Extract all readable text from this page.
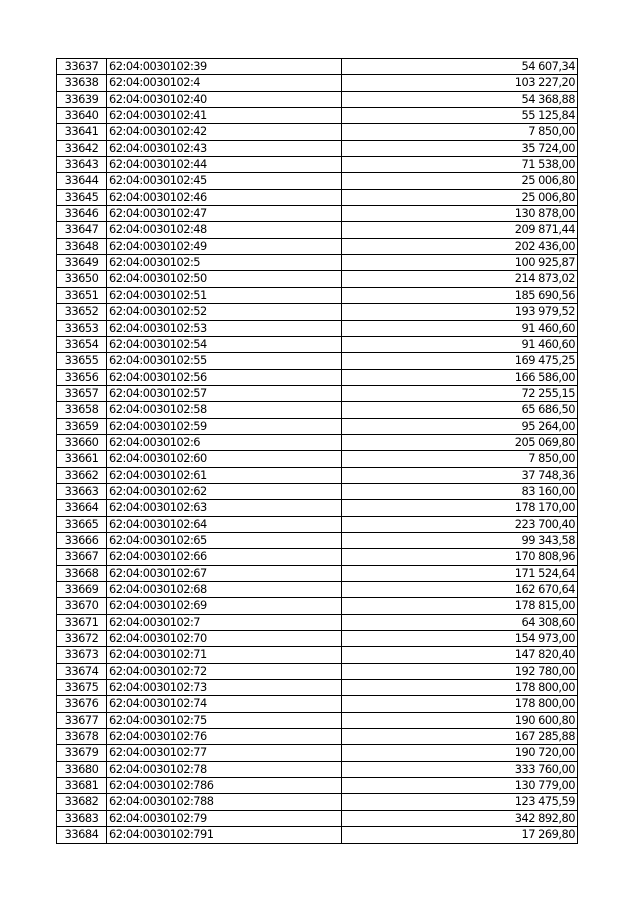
33637	62:04:0030102:39	54 607,34
33638	62:04:0030102:4	103 227,20
33639	62:04:0030102:40	54 368,88
33640	62:04:0030102:41	55 125,84
33641	62:04:0030102:42	7 850,00
33642	62:04:0030102:43	35 724,00
33643	62:04:0030102:44	71 538,00
33644	62:04:0030102:45	25 006,80
33645	62:04:0030102:46	25 006,80
33646	62:04:0030102:47	130 878,00
33647	62:04:0030102:48	209 871,44
33648	62:04:0030102:49	202 436,00
33649	62:04:0030102:5	100 925,87
33650	62:04:0030102:50	214 873,02
33651	62:04:0030102:51	185 690,56
33652	62:04:0030102:52	193 979,52
33653	62:04:0030102:53	91 460,60
33654	62:04:0030102:54	91 460,60
33655	62:04:0030102:55	169 475,25
33656	62:04:0030102:56	166 586,00
33657	62:04:0030102:57	72 255,15
33658	62:04:0030102:58	65 686,50
33659	62:04:0030102:59	95 264,00
33660	62:04:0030102:6	205 069,80
33661	62:04:0030102:60	7 850,00
33662	62:04:0030102:61	37 748,36
33663	62:04:0030102:62	83 160,00
33664	62:04:0030102:63	178 170,00
33665	62:04:0030102:64	223 700,40
33666	62:04:0030102:65	99 343,58
33667	62:04:0030102:66	170 808,96
33668	62:04:0030102:67	171 524,64
33669	62:04:0030102:68	162 670,64
33670	62:04:0030102:69	178 815,00
33671	62:04:0030102:7	64 308,60
33672	62:04:0030102:70	154 973,00
33673	62:04:0030102:71	147 820,40
33674	62:04:0030102:72	192 780,00
33675	62:04:0030102:73	178 800,00
33676	62:04:0030102:74	178 800,00
33677	62:04:0030102:75	190 600,80
33678	62:04:0030102:76	167 285,88
33679	62:04:0030102:77	190 720,00
33680	62:04:0030102:78	333 760,00
33681	62:04:0030102:786	130 779,00
33682	62:04:0030102:788	123 475,59
33683	62:04:0030102:79	342 892,80
33684	62:04:0030102:791	17 269,80
